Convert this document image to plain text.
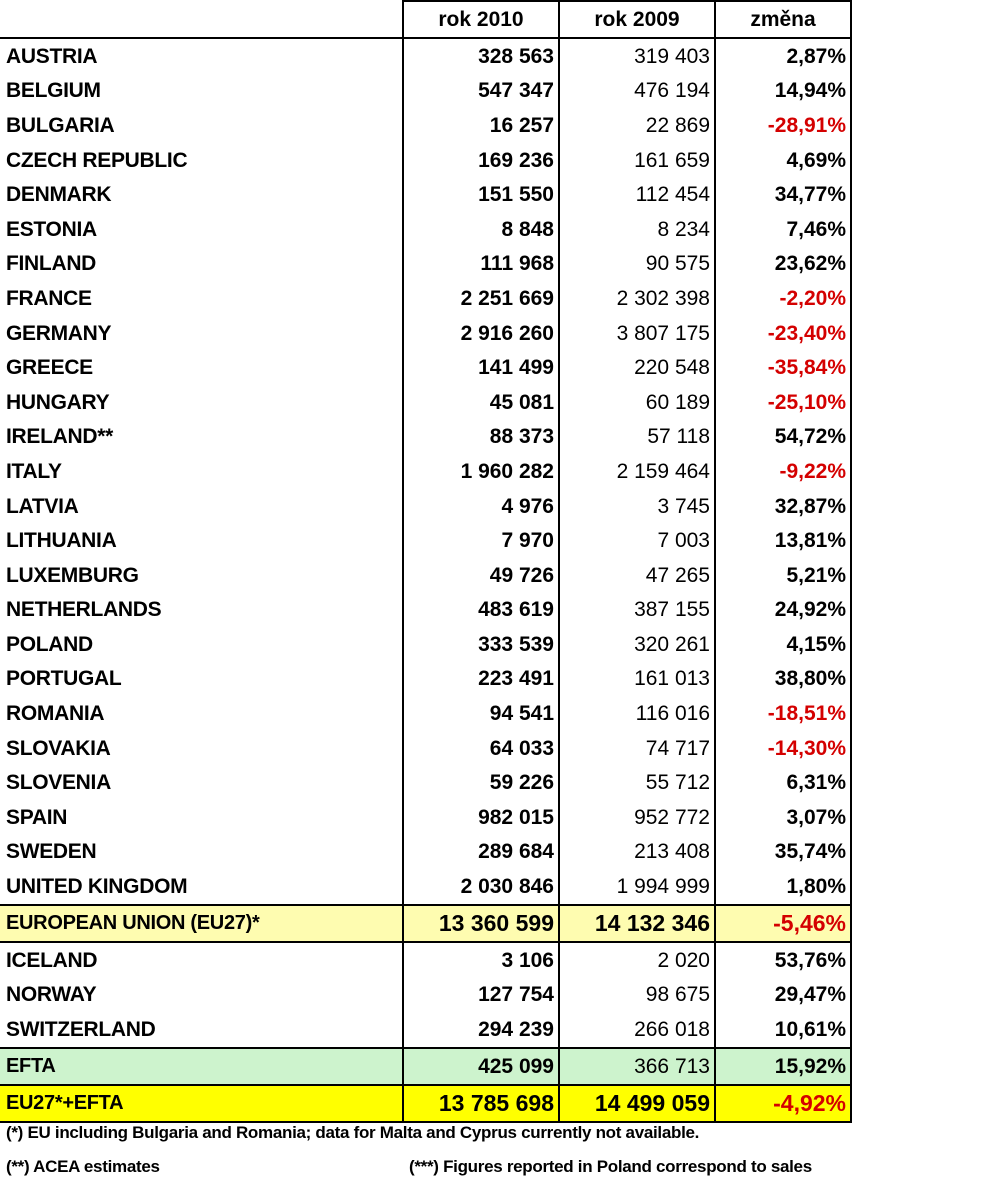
	rok 2010	rok 2009	změna
AUSTRIA	328 563	319 403	2,87%
BELGIUM	547 347	476 194	14,94%
BULGARIA	16 257	22 869	-28,91%
CZECH REPUBLIC	169 236	161 659	4,69%
DENMARK	151 550	112 454	34,77%
ESTONIA	8 848	8 234	7,46%
FINLAND	111 968	90 575	23,62%
FRANCE	2 251 669	2 302 398	-2,20%
GERMANY	2 916 260	3 807 175	-23,40%
GREECE	141 499	220 548	-35,84%
HUNGARY	45 081	60 189	-25,10%
IRELAND**	88 373	57 118	54,72%
ITALY	1 960 282	2 159 464	-9,22%
LATVIA	4 976	3 745	32,87%
LITHUANIA	7 970	7 003	13,81%
LUXEMBURG	49 726	47 265	5,21%
NETHERLANDS	483 619	387 155	24,92%
POLAND	333 539	320 261	4,15%
PORTUGAL	223 491	161 013	38,80%
ROMANIA	94 541	116 016	-18,51%
SLOVAKIA	64 033	74 717	-14,30%
SLOVENIA	59 226	55 712	6,31%
SPAIN	982 015	952 772	3,07%
SWEDEN	289 684	213 408	35,74%
UNITED KINGDOM	2 030 846	1 994 999	1,80%
EUROPEAN UNION (EU27)*	13 360 599	14 132 346	-5,46%
ICELAND	3 106	2 020	53,76%
NORWAY	127 754	98 675	29,47%
SWITZERLAND	294 239	266 018	10,61%
EFTA	425 099	366 713	15,92%
EU27*+EFTA	13 785 698	14 499 059	-4,92%
(*) EU including Bulgaria and Romania; data for Malta and Cyprus currently not available.
(**) ACEA estimates	(***) Figures reported in Poland correspond to sales
